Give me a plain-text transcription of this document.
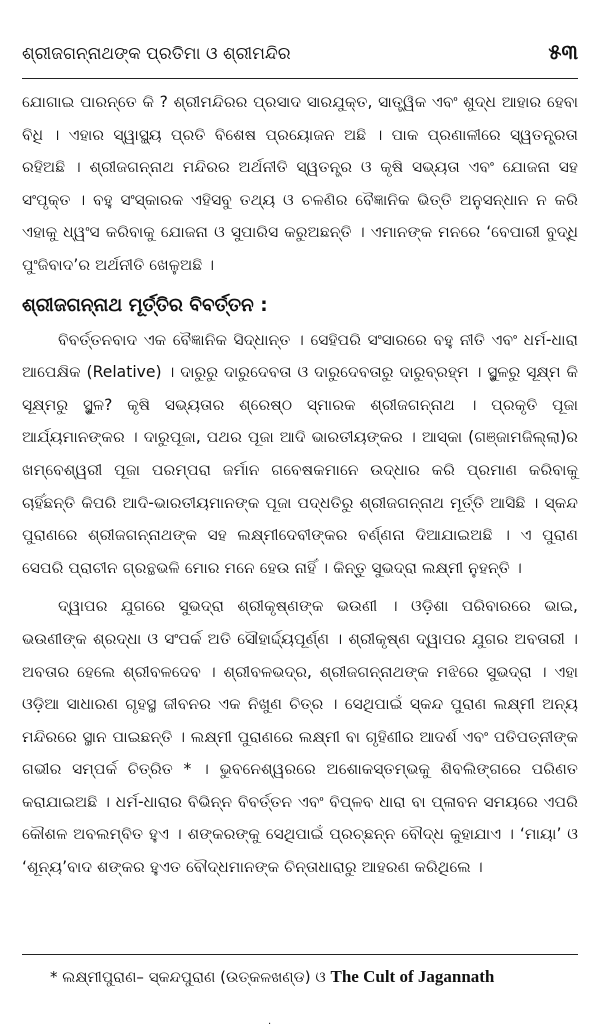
ଶ୍ରୀଜଗନ୍ନାଥଙ୍କ ପ୍ରତିମା ଓ ଶ୍ରୀମନ୍ଦିର	୫୩

ଯୋଗାଇ ପାରନ୍ତେ କି ? ଶ୍ରୀମନ୍ଦିରର ପ୍ରସାଦ ସାରଯୁକ୍ତ, ସାତ୍ତ୍ୱିକ ଏବଂ ଶୁଦ୍ଧ ଆହାର ହେବା ବିଧି । ଏହାର ସ୍ୱାସ୍ଥ୍ୟ ପ୍ରତି ବିଶେଷ ପ୍ରୟୋଜନ ଅଛି । ପାକ ପ୍ରଣାଳୀରେ ସ୍ୱତନ୍ତ୍ରତା ରହିଅଛି । ଶ୍ରୀଜଗନ୍ନାଥ ମନ୍ଦିରର ଅର୍ଥନୀତି ସ୍ୱତନ୍ତ୍ର ଓ କୃଷି ସଭ୍ୟତା ଏବଂ ଯୋଜନା ସହ ସଂପୃକ୍ତ । ବହୁ ସଂସ୍କାରକ ଏହିସବୁ ତଥ୍ୟ ଓ ଚଳଣିର ବୈଜ୍ଞାନିକ ଭିତ୍ତି ଅନୁସନ୍ଧାନ ନ କରି ଏହାକୁ ଧ୍ୱଂସ କରିବାକୁ ଯୋଜନା ଓ ସୁପାରିସ କରୁଅଛନ୍ତି । ଏମାନଙ୍କ ମନରେ ‘ବେପାରୀ ବୁଦ୍ଧି ପୁଂଜିବାଦ’ର ଅର୍ଥନୀତି ଖେଳୁଅଛି ।

ଶ୍ରୀଜଗନ୍ନାଥ ମୂର୍ତ୍ତିର ବିବର୍ତ୍ତନ :

ବିବର୍ତ୍ତନବାଦ ଏକ ବୈଜ୍ଞାନିକ ସିଦ୍ଧାନ୍ତ । ସେହିପରି ସଂସାରରେ ବହୁ ନୀତି ଏବଂ ଧର୍ମ-ଧାରା ଆପେକ୍ଷିକ (Relative) । ଦାରୁରୁ ଦାରୁଦେବତା ଓ ଦାରୁଦେବତାରୁ ଦାରୁବ୍ରହ୍ମ । ସ୍ଥୁଳରୁ ସୂକ୍ଷ୍ମ କି ସୂକ୍ଷ୍ମରୁ ସ୍ଥୁଳ? କୃଷି ସଭ୍ୟତାର ଶ୍ରେଷ୍ଠ ସ୍ମାରକ ଶ୍ରୀଜଗନ୍ନାଥ । ପ୍ରକୃତି ପୂଜା ଆର୍ଯ୍ୟମାନଙ୍କର । ଦାରୁପୂଜା, ପଥର ପୂଜା ଆଦି ଭାରତୀୟଙ୍କର । ଆସ୍କା (ଗଞ୍ଜାମଜିଲ୍ଲା)ର ଖମ୍ବେଶ୍ୱରୀ ପୂଜା ପରମ୍ପରା ଜର୍ମାନ ଗବେଷକମାନେ ଉଦ୍ଧାର କରି ପ୍ରମାଣ କରିବାକୁ ଚାହିଁଛନ୍ତି କିପରି ଆଦି-ଭାରତୀୟମାନଙ୍କ ପୂଜା ପଦ୍ଧତିରୁ ଶ୍ରୀଜଗନ୍ନାଥ ମୂର୍ତ୍ତି ଆସିଛି । ସ୍କନ୍ଦ ପୁରାଣରେ ଶ୍ରୀଜଗନ୍ନାଥଙ୍କ ସହ ଲକ୍ଷ୍ମୀଦେବୀଙ୍କର ବର୍ଣ୍ଣନା ଦିଆଯାଇଅଛି । ଏ ପୁରାଣ ସେପରି ପ୍ରାଚୀନ ଗ୍ରନ୍ଥଭଳି ମୋର ମନେ ହେଉ ନାହିଁ । କିନ୍ତୁ ସୁଭଦ୍ରା ଲକ୍ଷ୍ମୀ ନୁହନ୍ତି ।

ଦ୍ୱାପର ଯୁଗରେ ସୁଭଦ୍ରା ଶ୍ରୀକୃଷ୍ଣଙ୍କ ଭଉଣୀ । ଓଡ଼ିଶା ପରିବାରରେ ଭାଇ, ଭଉଣୀଙ୍କ ଶ୍ରଦ୍ଧା ଓ ସଂପର୍କ ଅତି ସୌହାର୍ଦ୍ଦ୍ୟପୂର୍ଣ୍ଣ । ଶ୍ରୀକୃଷ୍ଣ ଦ୍ୱାପର ଯୁଗର ଅବତାରୀ । ଅବତାର ହେଲେ ଶ୍ରୀବଳଦେବ । ଶ୍ରୀବଳଭଦ୍ର, ଶ୍ରୀଜଗନ୍ନାଥଙ୍କ ମଝିରେ ସୁଭଦ୍ରା । ଏହା ଓଡ଼ିଆ ସାଧାରଣ ଗୃହସ୍ଥ ଜୀବନର ଏକ ନିଖୁଣ ଚିତ୍ର । ସେଥିପାଇଁ ସ୍କନ୍ଦ ପୁରାଣ ଲକ୍ଷ୍ମୀ ଅନ୍ୟ ମନ୍ଦିରରେ ସ୍ଥାନ ପାଇଛନ୍ତି । ଲକ୍ଷ୍ମୀ ପୁରାଣରେ ଲକ୍ଷ୍ମୀ ବା ଗୃହିଣୀର ଆଦର୍ଶ ଏବଂ ପତିପତ୍ନୀଙ୍କ ଗଭୀର ସମ୍ପର୍କ ଚିତ୍ରିତ * । ଭୁବନେଶ୍ୱରରେ ଅଶୋକସ୍ତମ୍ଭକୁ ଶିବଲିଙ୍ଗରେ ପରିଣତ କରାଯାଇଅଛି । ଧର୍ମ-ଧାରାର ବିଭିନ୍ନ ବିବର୍ତ୍ତନ ଏବଂ ବିପ୍ଳବ ଧାରା ବା ପ୍ଳାବନ ସମୟରେ ଏପରି କୌଶଳ ଅବଲମ୍ବିତ ହୁଏ । ଶଙ୍କରଙ୍କୁ ସେଥିପାଇଁ ପ୍ରଚ୍ଛନ୍ନ ବୌଦ୍ଧ କୁହାଯାଏ । ‘ମାୟା’ ଓ ‘ଶୂନ୍ୟ’ବାଦ ଶଙ୍କର ହୁଏତ ବୌଦ୍ଧମାନଙ୍କ ଚିନ୍ତାଧାରାରୁ ଆହରଣ କରିଥିଲେ ।

* ଲକ୍ଷ୍ମୀପୁରାଣ– ସ୍କନ୍ଦପୁରାଣ (ଉତ୍କଳଖଣ୍ଡ) ଓ The Cult of Jagannath
·
